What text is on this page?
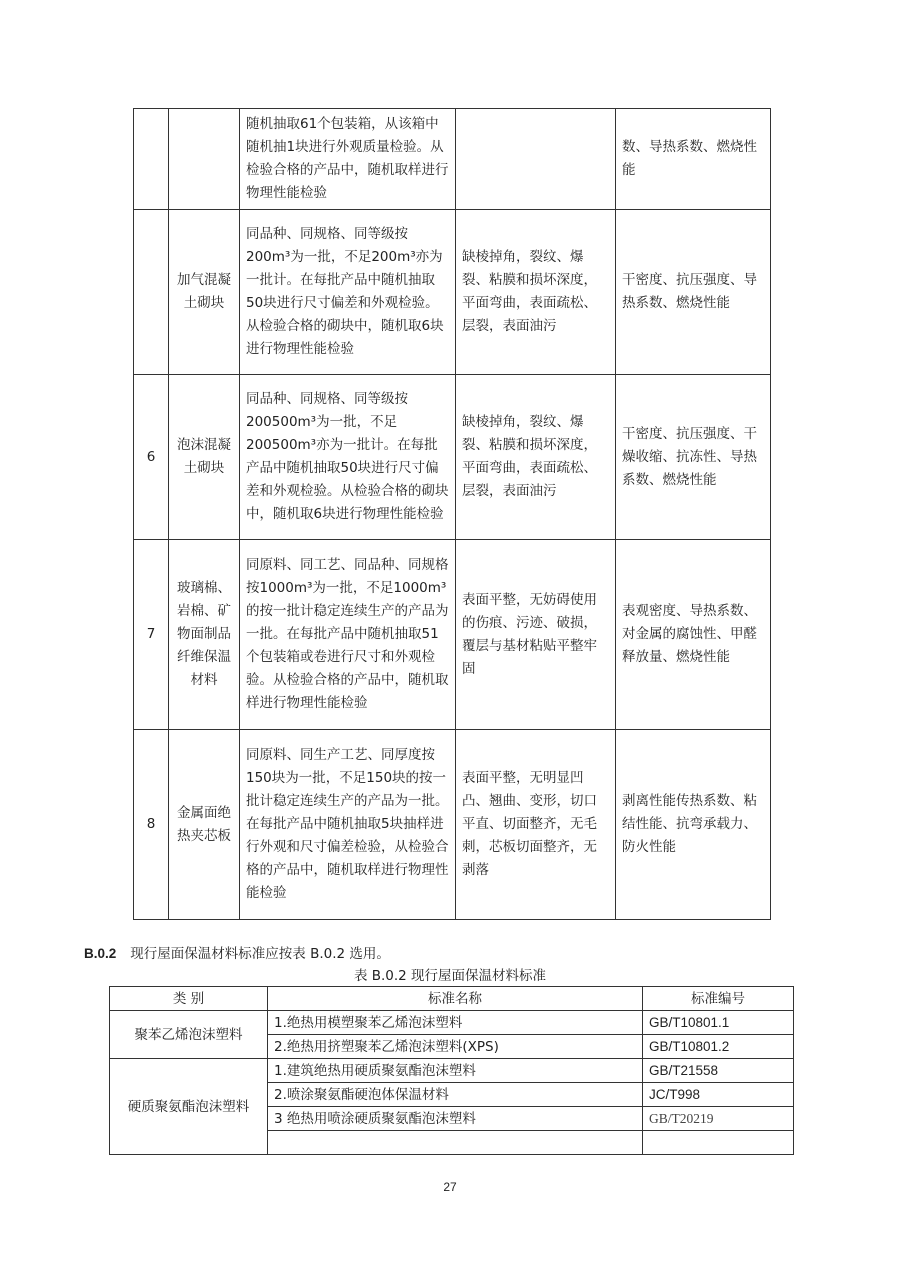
		随机抽取61个包装箱，从该箱中随机抽1块进行外观质量检验。从检验合格的产品中，随机取样进行物理性能检验		数、导热系数、燃烧性能
	加气混凝土砌块	同品种、同规格、同等级按200m³为一批，不足200m³亦为一批计。在每批产品中随机抽取50块进行尺寸偏差和外观检验。从检验合格的砌块中，随机取6块进行物理性能检验	缺棱掉角，裂纹、爆裂、粘膜和损坏深度，平面弯曲，表面疏松、层裂，表面油污	干密度、抗压强度、导热系数、燃烧性能
6	泡沫混凝土砌块	同品种、同规格、同等级按200500m³为一批，不足200500m³亦为一批计。在每批产品中随机抽取50块进行尺寸偏差和外观检验。从检验合格的砌块中，随机取6块进行物理性能检验	缺棱掉角，裂纹、爆裂、粘膜和损坏深度，平面弯曲，表面疏松、层裂，表面油污	干密度、抗压强度、干燥收缩、抗冻性、导热系数、燃烧性能
7	玻璃棉、岩棉、矿物面制品纤维保温材料	同原料、同工艺、同品种、同规格按1000m³为一批，不足1000m³的按一批计稳定连续生产的产品为一批。在每批产品中随机抽取51个包装箱或卷进行尺寸和外观检验。从检验合格的产品中，随机取样进行物理性能检验	表面平整，无妨碍使用的伤痕、污迹、破损，覆层与基材粘贴平整牢固	表观密度、导热系数、对金属的腐蚀性、甲醛释放量、燃烧性能
8	金属面绝热夹芯板	同原料、同生产工艺、同厚度按150块为一批，不足150块的按一批计稳定连续生产的产品为一批。在每批产品中随机抽取5块抽样进行外观和尺寸偏差检验，从检验合格的产品中，随机取样进行物理性能检验	表面平整，无明显凹凸、翘曲、变形，切口平直、切面整齐，无毛刺，芯板切面整齐，无剥落	剥离性能传热系数、粘结性能、抗弯承载力、防火性能
B.0.2 现行屋面保温材料标准应按表 B.0.2 选用。
表 B.0.2 现行屋面保温材料标准
类 别	标准名称	标准编号
聚苯乙烯泡沫塑料	1.绝热用模塑聚苯乙烯泡沫塑料	GB/T10801.1
	2.绝热用挤塑聚苯乙烯泡沫塑料(XPS)	GB/T10801.2
硬质聚氨酯泡沫塑料	1.建筑绝热用硬质聚氨酯泡沫塑料	GB/T21558
	2.喷涂聚氨酯硬泡体保温材料	JC/T998
	3 绝热用喷涂硬质聚氨酯泡沫塑料	GB/T20219

27
